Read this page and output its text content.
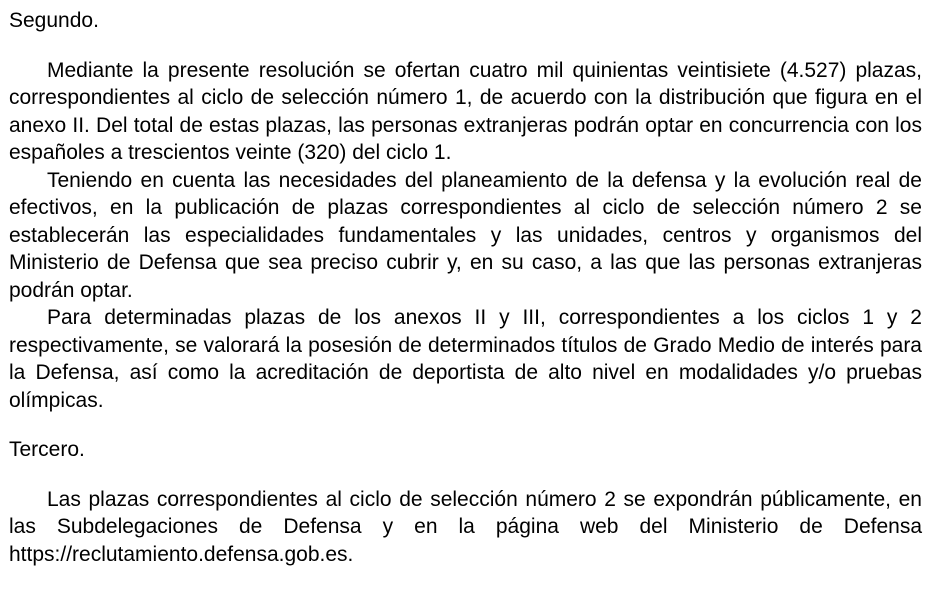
Segundo.

Mediante la presente resolución se ofertan cuatro mil quinientas veintisiete (4.527) plazas, correspondientes al ciclo de selección número 1, de acuerdo con la distribución que figura en el anexo II. Del total de estas plazas, las personas extranjeras podrán optar en concurrencia con los españoles a trescientos veinte (320) del ciclo 1.

Teniendo en cuenta las necesidades del planeamiento de la defensa y la evolución real de efectivos, en la publicación de plazas correspondientes al ciclo de selección número 2 se establecerán las especialidades fundamentales y las unidades, centros y organismos del Ministerio de Defensa que sea preciso cubrir y, en su caso, a las que las personas extranjeras podrán optar.

Para determinadas plazas de los anexos II y III, correspondientes a los ciclos 1 y 2 respectivamente, se valorará la posesión de determinados títulos de Grado Medio de interés para la Defensa, así como la acreditación de deportista de alto nivel en modalidades y/o pruebas olímpicas.

Tercero.

Las plazas correspondientes al ciclo de selección número 2 se expondrán públicamente, en las Subdelegaciones de Defensa y en la página web del Ministerio de Defensa https://reclutamiento.defensa.gob.es.
